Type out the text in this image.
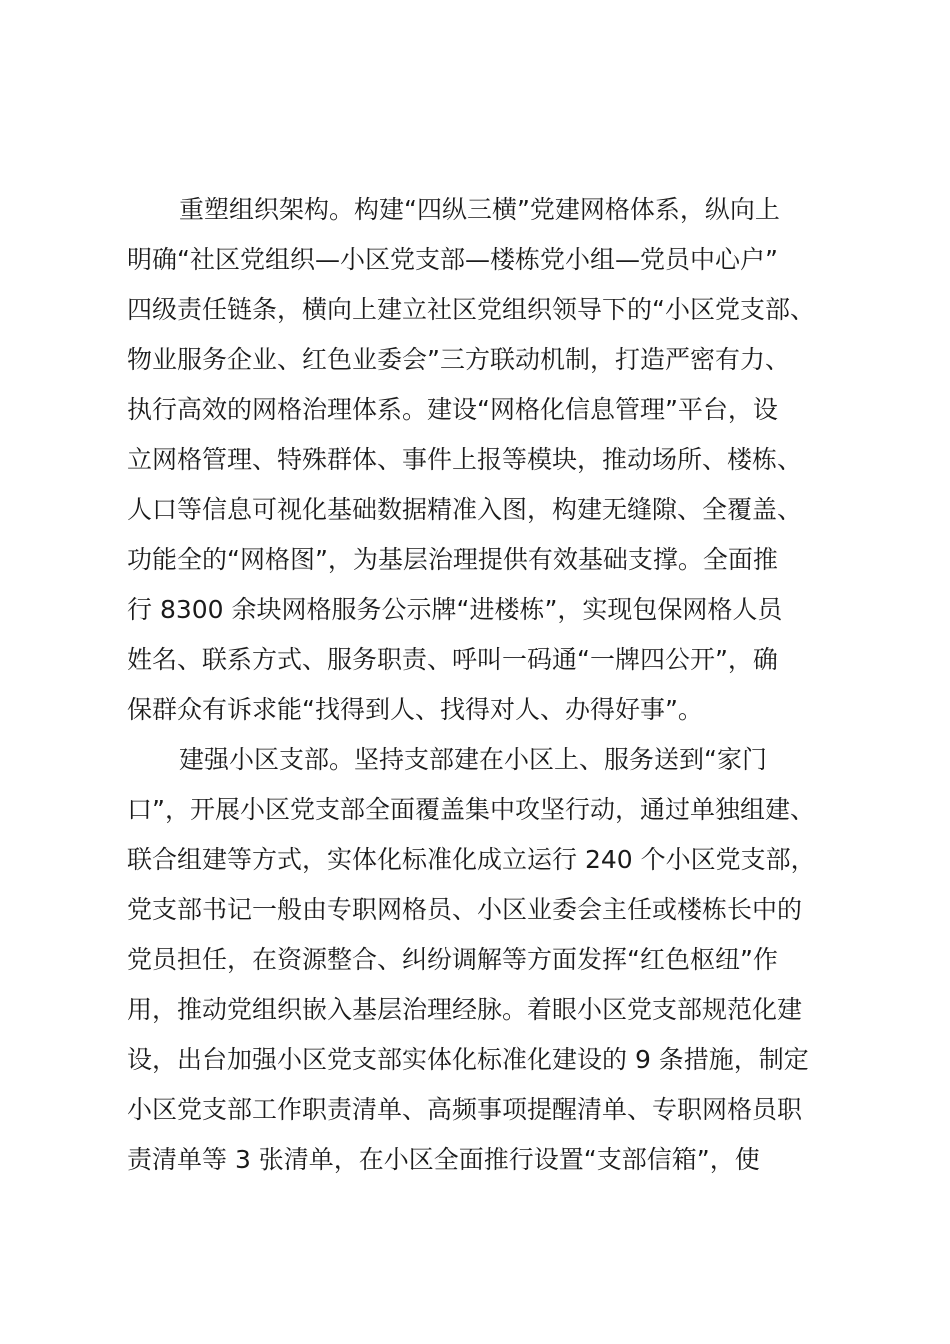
重塑组织架构。构建“四纵三横”党建网格体系，纵向上
明确“社区党组织—小区党支部—楼栋党小组—党员中心户”
四级责任链条，横向上建立社区党组织领导下的“小区党支部、
物业服务企业、红色业委会”三方联动机制，打造严密有力、
执行高效的网格治理体系。建设“网格化信息管理”平台，设
立网格管理、特殊群体、事件上报等模块，推动场所、楼栋、
人口等信息可视化基础数据精准入图，构建无缝隙、全覆盖、
功能全的“网格图”，为基层治理提供有效基础支撑。全面推
行 8300 余块网格服务公示牌“进楼栋”，实现包保网格人员
姓名、联系方式、服务职责、呼叫一码通“一牌四公开”，确
保群众有诉求能“找得到人、找得对人、办得好事”。
建强小区支部。坚持支部建在小区上、服务送到“家门
口”，开展小区党支部全面覆盖集中攻坚行动，通过单独组建、
联合组建等方式，实体化标准化成立运行 240 个小区党支部，
党支部书记一般由专职网格员、小区业委会主任或楼栋长中的
党员担任，在资源整合、纠纷调解等方面发挥“红色枢纽”作
用，推动党组织嵌入基层治理经脉。着眼小区党支部规范化建
设，出台加强小区党支部实体化标准化建设的 9 条措施，制定
小区党支部工作职责清单、高频事项提醒清单、专职网格员职
责清单等 3 张清单，在小区全面推行设置“支部信箱”，使
